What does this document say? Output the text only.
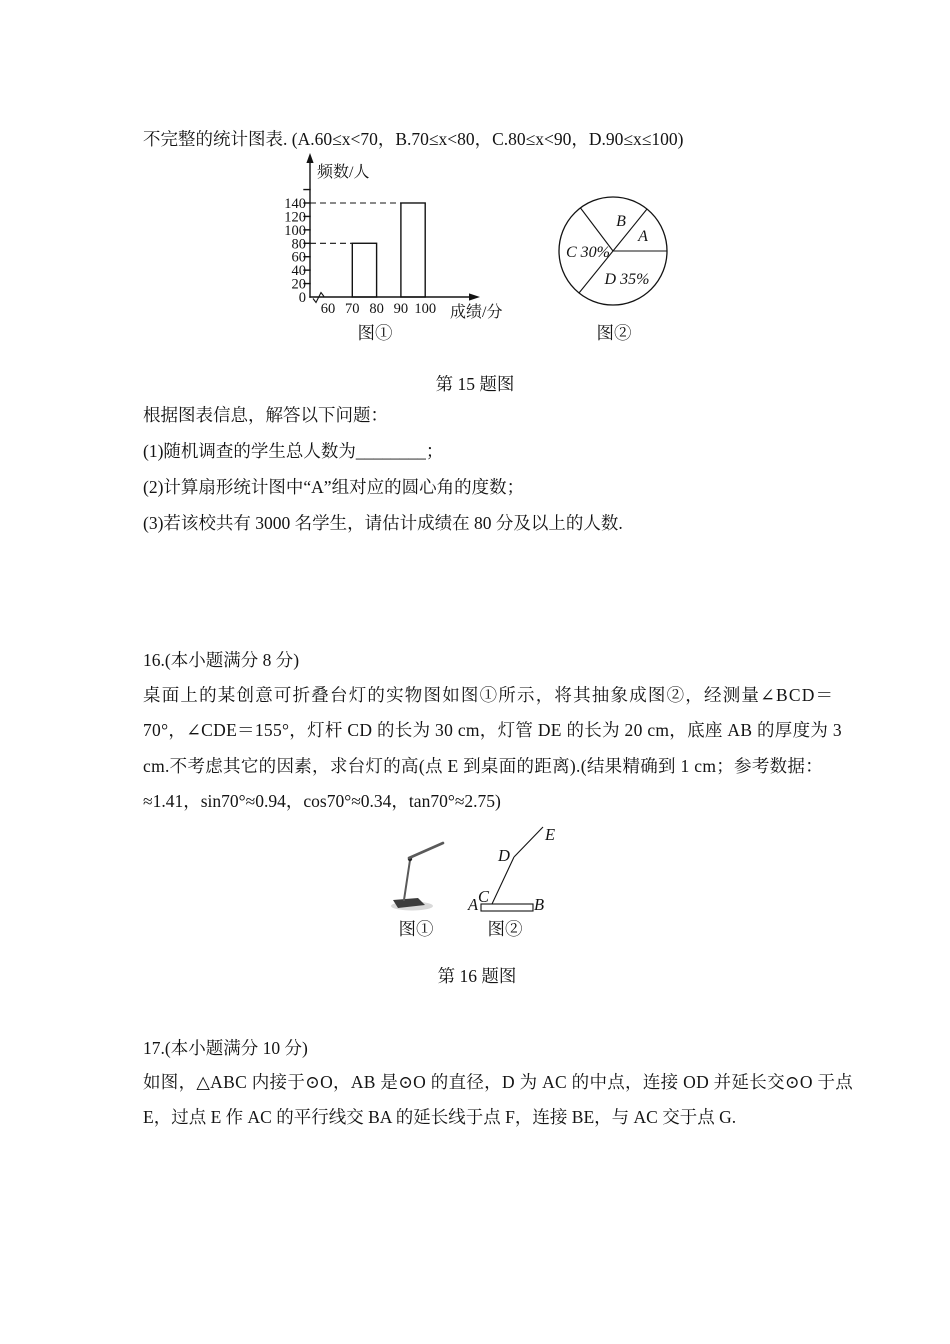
不完整的统计图表. (A.60≤x<70，B.70≤x<80，C.80≤x<90，D.90≤x≤100)
频数/人
成绩/分
20
40
60
80
100
120
140
0
60 70 80 90 100
图①
B
A
C 30%
D 35%
图②
第 15 题图
根据图表信息，解答以下问题：
(1)随机调查的学生总人数为________；
(2)计算扇形统计图中“A”组对应的圆心角的度数；
(3)若该校共有 3000 名学生，请估计成绩在 80 分及以上的人数.
16.(本小题满分 8 分)
桌面上的某创意可折叠台灯的实物图如图①所示，将其抽象成图②，经测量∠BCD＝
70°，∠CDE＝155°，灯杆 CD 的长为 30 cm，灯管 DE 的长为 20 cm，底座 AB 的厚度为 3
cm.不考虑其它的因素，求台灯的高(点 E 到桌面的距离).(结果精确到 1 cm；参考数据：
≈1.41，sin70°≈0.94，cos70°≈0.34，tan70°≈2.75)
A	B
C
D
E
图①	图②
第 16 题图
17.(本小题满分 10 分)
如图，△ABC 内接于⊙O，AB 是⊙O 的直径，D 为 AC 的中点，连接 OD 并延长交⊙O 于点
E，过点 E 作 AC 的平行线交 BA 的延长线于点 F，连接 BE，与 AC 交于点 G.
